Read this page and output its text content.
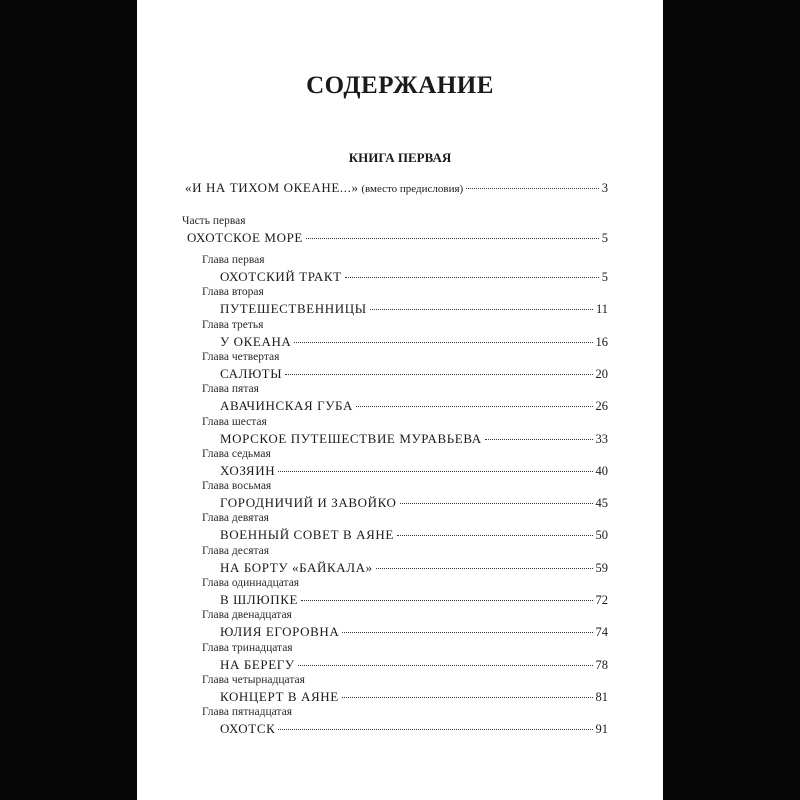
СОДЕРЖАНИЕ
КНИГА ПЕРВАЯ
«И НА ТИХОМ ОКЕАНЕ...» (вместо предисловия)	3
Часть первая
ОХОТСКОЕ МОРЕ	5
Глава первая
ОХОТСКИЙ ТРАКТ	5
Глава вторая
ПУТЕШЕСТВЕННИЦЫ	11
Глава третья
У ОКЕАНА	16
Глава четвертая
САЛЮТЫ	20
Глава пятая
АВАЧИНСКАЯ ГУБА	26
Глава шестая
МОРСКОЕ ПУТЕШЕСТВИЕ МУРАВЬЕВА	33
Глава седьмая
ХОЗЯИН	40
Глава восьмая
ГОРОДНИЧИЙ И ЗАВОЙКО	45
Глава девятая
ВОЕННЫЙ СОВЕТ В АЯНЕ	50
Глава десятая
НА БОРТУ «БАЙКАЛА»	59
Глава одиннадцатая
В ШЛЮПКЕ	72
Глава двенадцатая
ЮЛИЯ ЕГОРОВНА	74
Глава тринадцатая
НА БЕРЕГУ	78
Глава четырнадцатая
КОНЦЕРТ В АЯНЕ	81
Глава пятнадцатая
ОХОТСК	91
